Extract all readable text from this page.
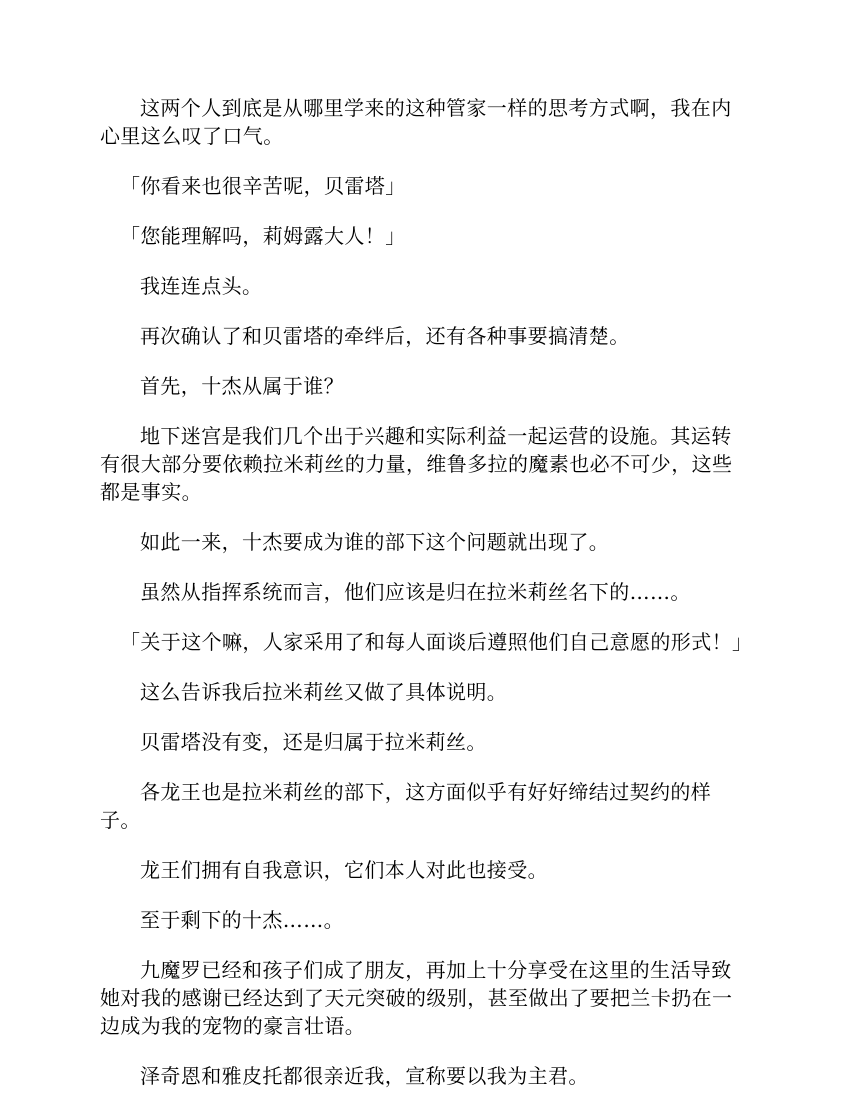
这两个人到底是从哪里学来的这种管家一样的思考方式啊，我在内心里这么叹了口气。

「你看来也很辛苦呢，贝雷塔」

「您能理解吗，莉姆露大人！」

我连连点头。

再次确认了和贝雷塔的牵绊后，还有各种事要搞清楚。

首先，十杰从属于谁？

地下迷宫是我们几个出于兴趣和实际利益一起运营的设施。其运转有很大部分要依赖拉米莉丝的力量，维鲁多拉的魔素也必不可少，这些都是事实。

如此一来，十杰要成为谁的部下这个问题就出现了。

虽然从指挥系统而言，他们应该是归在拉米莉丝名下的……。

「关于这个嘛，人家采用了和每人面谈后遵照他们自己意愿的形式！」

这么告诉我后拉米莉丝又做了具体说明。

贝雷塔没有变，还是归属于拉米莉丝。

各龙王也是拉米莉丝的部下，这方面似乎有好好缔结过契约的样子。

龙王们拥有自我意识，它们本人对此也接受。

至于剩下的十杰……。

九魔罗已经和孩子们成了朋友，再加上十分享受在这里的生活导致她对我的感谢已经达到了天元突破的级别，甚至做出了要把兰卡扔在一边成为我的宠物的豪言壮语。

泽奇恩和雅皮托都很亲近我，宣称要以我为主君。
